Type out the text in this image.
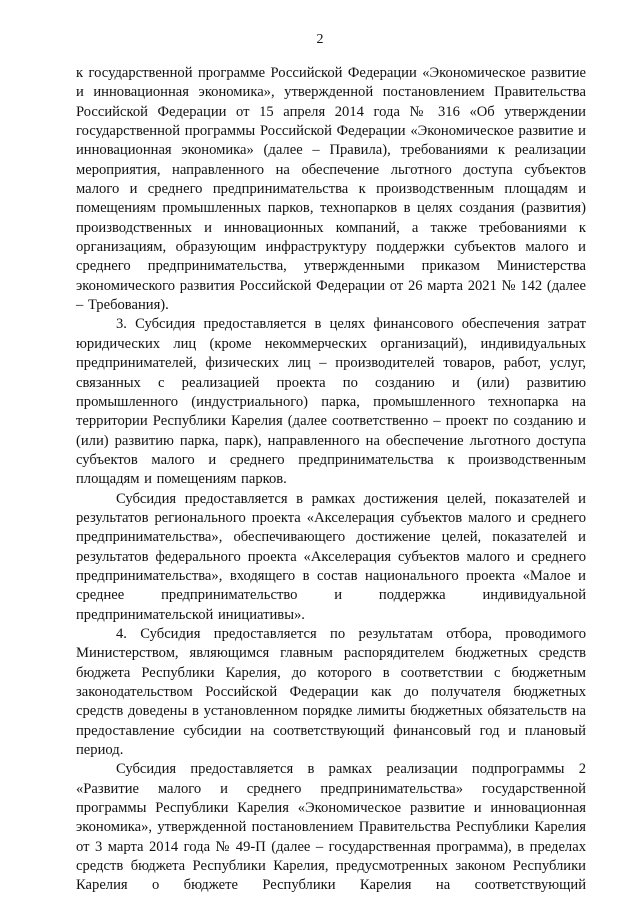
2

к государственной программе Российской Федерации «Экономическое развитие и инновационная экономика», утвержденной постановлением Правительства Российской Федерации от 15 апреля 2014 года № 316 «Об утверждении государственной программы Российской Федерации «Экономическое развитие и инновационная экономика» (далее – Правила), требованиями к реализации мероприятия, направленного на обеспечение льготного доступа субъектов малого и среднего предпринимательства к производственным площадям и помещениям промышленных парков, технопарков в целях создания (развития) производственных и инновационных компаний, а также требованиями к организациям, образующим инфраструктуру поддержки субъектов малого и среднего предпринимательства, утвержденными приказом Министерства экономического развития Российской Федерации от 26 марта 2021 № 142 (далее – Требования).

3. Субсидия предоставляется в целях финансового обеспечения затрат юридических лиц (кроме некоммерческих организаций), индивидуальных предпринимателей, физических лиц – производителей товаров, работ, услуг, связанных с реализацией проекта по созданию и (или) развитию промышленного (индустриального) парка, промышленного технопарка на территории Республики Карелия (далее соответственно – проект по созданию и (или) развитию парка, парк), направленного на обеспечение льготного доступа субъектов малого и среднего предпринимательства к производственным площадям и помещениям парков.

Субсидия предоставляется в рамках достижения целей, показателей и результатов регионального проекта «Акселерация субъектов малого и среднего предпринимательства», обеспечивающего достижение целей, показателей и результатов федерального проекта «Акселерация субъектов малого и среднего предпринимательства», входящего в состав национального проекта «Малое и среднее предпринимательство и поддержка индивидуальной предпринимательской инициативы».

4. Субсидия предоставляется по результатам отбора, проводимого Министерством, являющимся главным распорядителем бюджетных средств бюджета Республики Карелия, до которого в соответствии с бюджетным законодательством Российской Федерации как до получателя бюджетных средств доведены в установленном порядке лимиты бюджетных обязательств на предоставление субсидии на соответствующий финансовый год и плановый период.

Субсидия предоставляется в рамках реализации подпрограммы 2 «Развитие малого и среднего предпринимательства» государственной программы Республики Карелия «Экономическое развитие и инновационная экономика», утвержденной постановлением Правительства Республики Карелия от 3 марта 2014 года № 49-П (далее – государственная программа), в пределах средств бюджета Республики Карелия, предусмотренных законом Республики Карелия о бюджете Республики Карелия на соответствующий
